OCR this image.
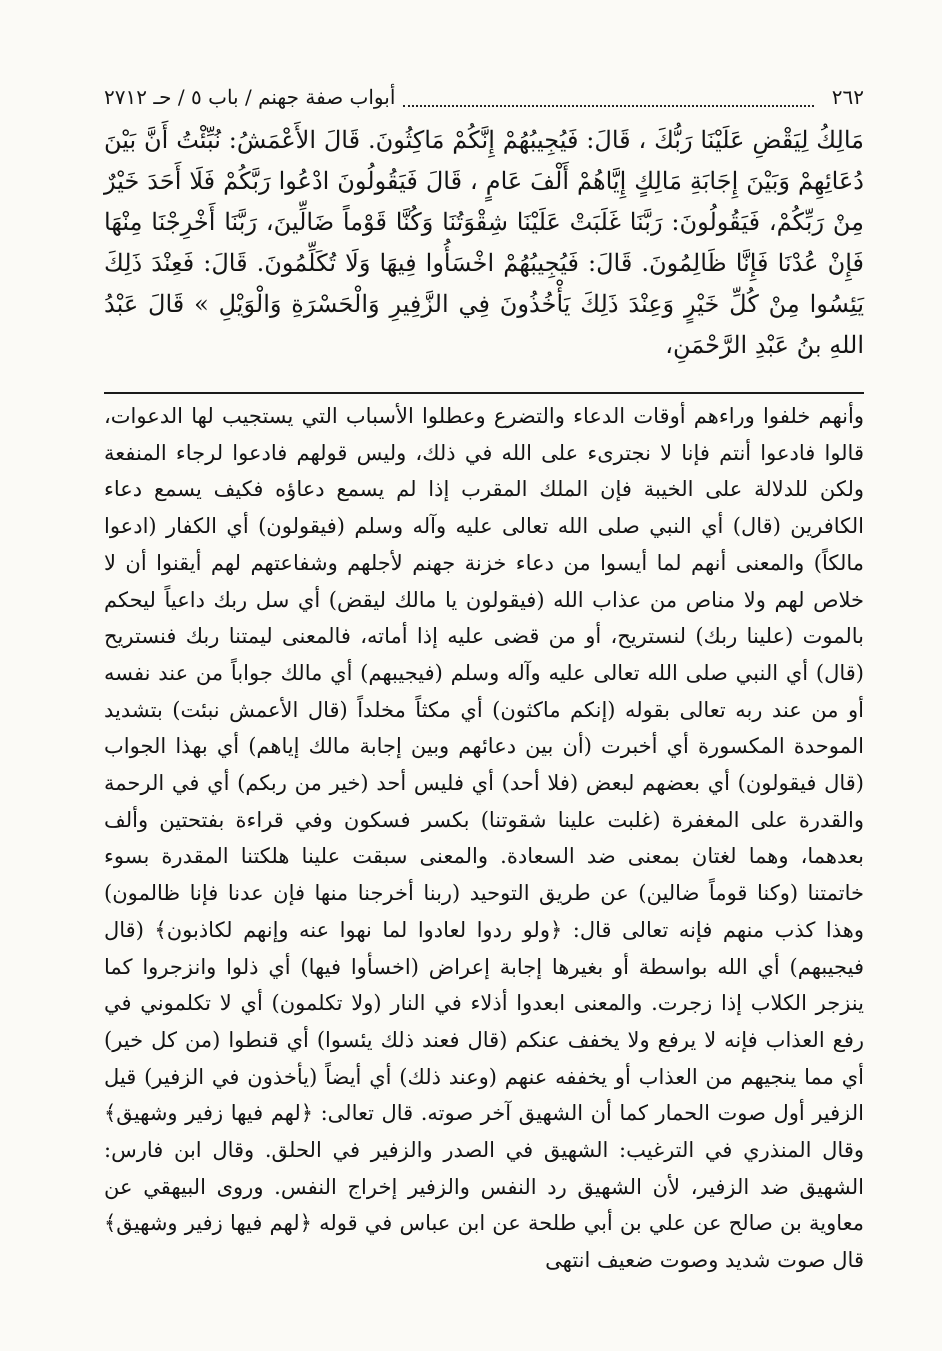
٢٦٢
أبواب صفة جهنم / باب ٥ / حـ ٢٧١٢
مَالِكُ لِيَقْضِ عَلَيْنَا رَبُّكَ ، قَالَ: فَيُجِيبُهُمْ إِنَّكُمْ مَاكِثُونَ. قَالَ الأَعْمَشُ: نُبِّئْتُ أَنَّ بَيْنَ دُعَائِهِمْ وَبَيْنَ إِجَابَةِ مَالِكٍ إِيَّاهُمْ أَلْفَ عَامٍ ، قَالَ فَيَقُولُونَ ادْعُوا رَبَّكُمْ فَلَا أَحَدَ خَيْرٌ مِنْ رَبِّكُمْ، فَيَقُولُونَ: رَبَّنَا غَلَبَتْ عَلَيْنَا شِقْوَتُنَا وَكُنَّا قَوْماً ضَالِّينَ، رَبَّنَا أَخْرِجْنَا مِنْهَا فَإِنْ عُدْنَا فَإِنَّا ظَالِمُونَ. قَالَ: فَيُجِيبُهُمْ اخْسَأُوا فِيهَا وَلَا تُكَلِّمُونَ. قَالَ: فَعِنْدَ ذَلِكَ يَئِسُوا مِنْ كُلِّ خَيْرٍ وَعِنْدَ ذَلِكَ يَأْخُذُونَ فِي الزَّفِيرِ وَالْحَسْرَةِ وَالْوَيْلِ » قَالَ عَبْدُ اللهِ بنُ عَبْدِ الرَّحْمَنِ،

وأنهم خلفوا وراءهم أوقات الدعاء والتضرع وعطلوا الأسباب التي يستجيب لها الدعوات، قالوا فادعوا أنتم فإنا لا نجترىء على الله في ذلك، وليس قولهم فادعوا لرجاء المنفعة ولكن للدلالة على الخيبة فإن الملك المقرب إذا لم يسمع دعاؤه فكيف يسمع دعاء الكافرين (قال) أي النبي صلى الله تعالى عليه وآله وسلم (فيقولون) أي الكفار (ادعوا مالكاً) والمعنى أنهم لما أيسوا من دعاء خزنة جهنم لأجلهم وشفاعتهم لهم أيقنوا أن لا خلاص لهم ولا مناص من عذاب الله (فيقولون يا مالك ليقض) أي سل ربك داعياً ليحكم بالموت (علينا ربك) لنستريح، أو من قضى عليه إذا أماته، فالمعنى ليمتنا ربك فنستريح (قال) أي النبي صلى الله تعالى عليه وآله وسلم (فيجيبهم) أي مالك جواباً من عند نفسه أو من عند ربه تعالى بقوله (إنكم ماكثون) أي مكثاً مخلداً (قال الأعمش نبئت) بتشديد الموحدة المكسورة أي أخبرت (أن بين دعائهم وبين إجابة مالك إياهم) أي بهذا الجواب (قال فيقولون) أي بعضهم لبعض (فلا أحد) أي فليس أحد (خير من ربكم) أي في الرحمة والقدرة على المغفرة (غلبت علينا شقوتنا) بكسر فسكون وفي قراءة بفتحتين وألف بعدهما، وهما لغتان بمعنى ضد السعادة. والمعنى سبقت علينا هلكتنا المقدرة بسوء خاتمتنا (وكنا قوماً ضالين) عن طريق التوحيد (ربنا أخرجنا منها فإن عدنا فإنا ظالمون) وهذا كذب منهم فإنه تعالى قال: ﴿ولو ردوا لعادوا لما نهوا عنه وإنهم لكاذبون﴾ (قال فيجيبهم) أي الله بواسطة أو بغيرها إجابة إعراض (اخسأوا فيها) أي ذلوا وانزجروا كما ينزجر الكلاب إذا زجرت. والمعنى ابعدوا أذلاء في النار (ولا تكلمون) أي لا تكلموني في رفع العذاب فإنه لا يرفع ولا يخفف عنكم (قال فعند ذلك يئسوا) أي قنطوا (من كل خير) أي مما ينجيهم من العذاب أو يخففه عنهم (وعند ذلك) أي أيضاً (يأخذون في الزفير) قيل الزفير أول صوت الحمار كما أن الشهيق آخر صوته. قال تعالى: ﴿لهم فيها زفير وشهيق﴾ وقال المنذري في الترغيب: الشهيق في الصدر والزفير في الحلق. وقال ابن فارس: الشهيق ضد الزفير، لأن الشهيق رد النفس والزفير إخراج النفس. وروى البيهقي عن معاوية بن صالح عن علي بن أبي طلحة عن ابن عباس في قوله ﴿لهم فيها زفير وشهيق﴾ قال صوت شديد وصوت ضعيف انتهى
